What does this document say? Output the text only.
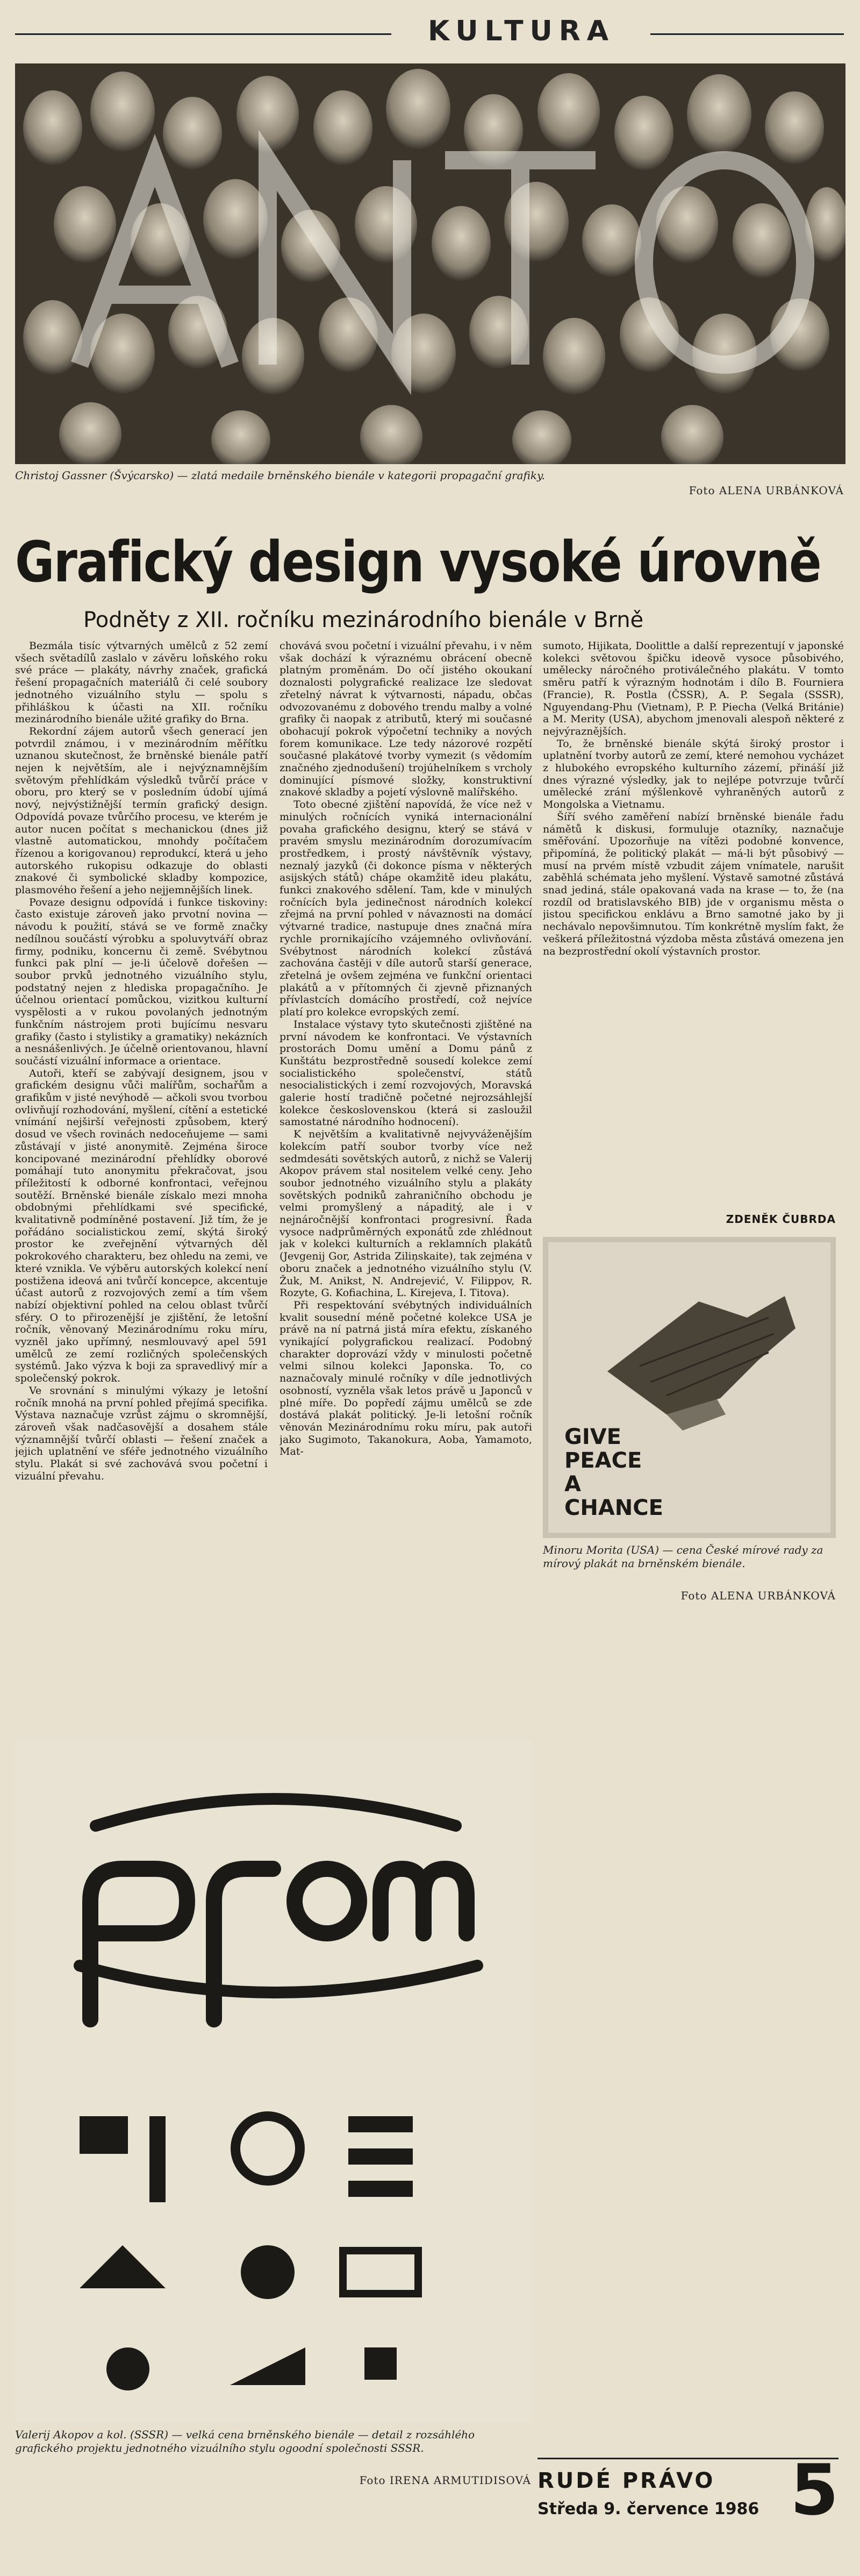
KULTURA
Christoj Gassner (Švýcarsko) — zlatá medaile brněnského bienále v kategorii propagační grafiky.
Foto ALENA URBÁNKOVÁ
Grafický design vysoké úrovně
Podněty z XII. ročníku mezinárodního bienále v Brně

Bezmála tisíc výtvarných umělců z 52 zemí všech světadílů zaslalo v závěru loňského roku své práce — plakáty, návrhy značek, grafická řešení propagačních materiálů či celé soubory jednotného vizuálního stylu — spolu s přihláškou k účasti na XII. ročníku mezinárodního bienále užité grafiky do Brna.

Rekordní zájem autorů všech generací jen potvrdil známou, i v mezinárodním měřítku uznanou skutečnost, že brněnské bienále patří nejen k největším, ale i nejvýznamnějším světovým přehlídkám výsledků tvůrčí práce v oboru, pro který se v posledním údobí ujímá nový, nejvýstižnější termín grafický design. Odpovídá povaze tvůrčího procesu, ve kterém je autor nucen počítat s mechanickou (dnes již vlastně automatickou, mnohdy počítačem řízenou a korigovanou) reprodukcí, která u jeho autorského rukopisu odkazuje do oblasti znakové či symbolické skladby kompozice, plasmového řešení a jeho nejjemnějších linek.

Povaze designu odpovídá i funkce tiskoviny: často existuje zároveň jako prvotní novina — návodu k použití, stává se ve formě značky nedílnou součástí výrobku a spoluvytváří obraz firmy, podniku, koncernu či země. Svébytnou funkci pak plní — je-li účelově dořešen — soubor prvků jednotného vizuálního stylu, podstatný nejen z hlediska propagačního. Je účelnou orientací pomůckou, vizitkou kulturní vyspělosti a v rukou povolaných jednotným funkčním nástrojem proti bujícímu nesvaru grafiky (často i stylistiky a gramatiky) nekázních a nesnášenlivých. Je účelně orientovanou, hlavní součástí vizuální informace a orientace.

Autoři, kteří se zabývají designem, jsou v grafickém designu vůči malířům, sochařům a grafikům v jisté nevýhodě — ačkoli svou tvorbou ovlivňují rozhodování, myšlení, cítění a estetické vnímání nejširší veřejnosti způsobem, který dosud ve všech rovinách nedoceňujeme — sami zůstávají v jisté anonymitě. Zejména široce koncipované mezinárodní přehlídky oborové pomáhají tuto anonymitu překračovat, jsou příležitostí k odborné konfrontaci, veřejnou soutěží. Brněnské bienále získalo mezi mnoha obdobnými přehlídkami své specifické, kvalitativně podmíněné postavení. Již tím, že je pořádáno socialistickou zemí, skýtá široký prostor ke zveřejnění výtvarných děl pokrokového charakteru, bez ohledu na zemi, ve které vznikla. Ve výběru autorských kolekcí není postižena ideová ani tvůrčí koncepce, akcentuje účast autorů z rozvojových zemí a tím všem nabízí objektivní pohled na celou oblast tvůrčí sféry. O to přirozenější je zjištění, že letošní ročník, věnovaný Mezinárodnímu roku míru, vyzněl jako upřímný, nesmlouvavý apel 591 umělců ze zemí rozličných společenských systémů. Jako výzva k boji za spravedlivý mír a společenský pokrok.

Ve srovnání s minulými výkazy je letošní ročník mnohá na první pohled přejímá specifika. Výstava naznačuje vzrůst zájmu o skromnější, zároveň však nadčasovější a dosahem stále významnější tvůrčí oblasti — řešení značek a jejich uplatnění ve sféře jednotného vizuálního stylu. Plakát si své zachovává svou početní i vizuální převahu.

chovává svou početní i vizuální převahu, i v něm však dochází k výraznému obrácení obecně platným proměnám. Do očí jistého okoukaní doznalosti polygrafické realizace lze sledovat zřetelný návrat k výtvarnosti, nápadu, občas odvozovanému z dobového trendu malby a volné grafiky či naopak z atributů, který mi současné obohacují pokrok výpočetní techniky a nových forem komunikace. Lze tedy názorové rozpětí současné plakátové tvorby vymezit (s vědomím značného zjednodušení) trojúhelníkem s vrcholy dominující písmové složky, konstruktivní znakové skladby a pojetí výslovně malířského.

Toto obecné zjištění napovídá, že více než v minulých ročnících vyniká internacionální povaha grafického designu, který se stává v pravém smyslu mezinárodním dorozumívacím prostředkem, i prostý návštěvník výstavy, neznalý jazyků (či dokonce písma v některých asijských států) chápe okamžitě ideu plakátu, funkci znakového sdělení. Tam, kde v minulých ročnících byla jedinečnost národních kolekcí zřejmá na první pohled v návaznosti na domácí výtvarné tradice, nastupuje dnes značná míra rychle prornikajícího vzájemného ovlivňování. Svébytnost národních kolekcí zůstává zachována častěji v díle autorů starší generace, zřetelná je ovšem zejména ve funkční orientaci plakátů a v přítomných či zjevně přiznaných přívlastcích domácího prostředí, což nejvíce platí pro kolekce evropských zemí.

Instalace výstavy tyto skutečnosti zjištěné na první návodem ke konfrontaci. Ve výstavních prostorách Domu umění a Domu pánů z Kunštátu bezprostředně sousedí kolekce zemí socialistického společenství, států nesocialistických i zemí rozvojových, Moravská galerie hostí tradičně početné nejrozsáhlejší kolekce československou (která si zasloužil samostatné národního hodnocení).

K největším a kvalitativně nejvyváženějším kolekcím patří soubor tvorby více než sedmdesáti sovětských autorů, z nichž se Valerij Akopov právem stal nositelem velké ceny. Jeho soubor jednotného vizuálního stylu a plakáty sovětských podniků zahraničního obchodu je velmi promyšlený a nápaditý, ale i v nejnáročnější konfrontaci progresivní. Řada vysoce nadprůměrných exponátů zde zhlédnout jak v kolekci kulturních a reklamních plakátů (Jevgenij Gor, Astrida Ziliņskaite), tak zejména v oboru značek a jednotného vizuálního stylu (V. Žuk, M. Anikst, N. Andrejević, V. Filippov, R. Rozyte, G. Kofiachina, L. Kirejeva, I. Titova).

Při respektování svébytných individuálních kvalit sousední méně početné kolekce USA je právě na ní patrná jistá míra efektu, získaného vynikající polygrafickou realizací. Podobný charakter doprovází vždy v minulosti početně velmi silnou kolekci Japonska. To, co naznačovaly minulé ročníky v díle jednotlivých osobností, vyzněla však letos právě u Japonců v plné míře. Do popředí zájmu umělců se zde dostává plakát politický. Je-li letošní ročník věnován Mezinárodnímu roku míru, pak autoři jako Sugimoto, Takanokura, Aoba, Yamamoto, Mat-

sumoto, Hijikata, Doolittle a další reprezentují v japonské kolekci světovou špičku ideově vysoce působivého, umělecky náročného protiválečného plakátu. V tomto směru patří k výrazným hodnotám i dílo B. Fourniera (Francie), R. Postla (ČSSR), A. P. Segala (SSSR), Nguyendang-Phu (Vietnam), P. P. Piecha (Velká Británie) a M. Merity (USA), abychom jmenovali alespoň některé z nejvýraznějších.

To, že brněnské bienále skýtá široký prostor i uplatnění tvorby autorů ze zemí, které nemohou vycházet z hlubokého evropského kulturního zázemí, přináší již dnes výrazné výsledky, jak to nejlépe potvrzuje tvůrčí umělecké zrání mýšlenkově vyhraněných autorů z Mongolska a Vietnamu.

Šíří svého zaměření nabízí brněnské bienále řadu námětů k diskusi, formuluje otazníky, naznačuje směřování. Upozorňuje na vítězi podobné konvence, připomíná, že politický plakát — má-li být působivý — musí na prvém místě vzbudit zájem vnímatele, narušit zaběhlá schémata jeho myšlení. Výstavě samotné zůstává snad jediná, stále opakovaná vada na krase — to, že (na rozdíl od bratislavského BIB) jde v organismu města o jistou specifickou enklávu a Brno samotné jako by ji nechávalo nepovšimnutou. Tím konkrétně myslím fakt, že veškerá příležitostná výzdoba města zůstává omezena jen na bezprostřední okolí výstavních prostor.

ZDENĚK ČUBRDA
GIVE
PEACE
A
CHANCE
Minoru Morita (USA) — cena České mírové rady za mírový plakát na brněnském bienále.
Foto ALENA URBÁNKOVÁ
Valerij Akopov a kol. (SSSR) — velká cena brněnského bienále — detail z rozsáhlého grafického projektu jednotného vizuálního stylu ogoodní společnosti SSSR.
Foto IRENA ARMUTIDISOVÁ RUDÉ PRÁVO
Středa 9. července 1986 5
